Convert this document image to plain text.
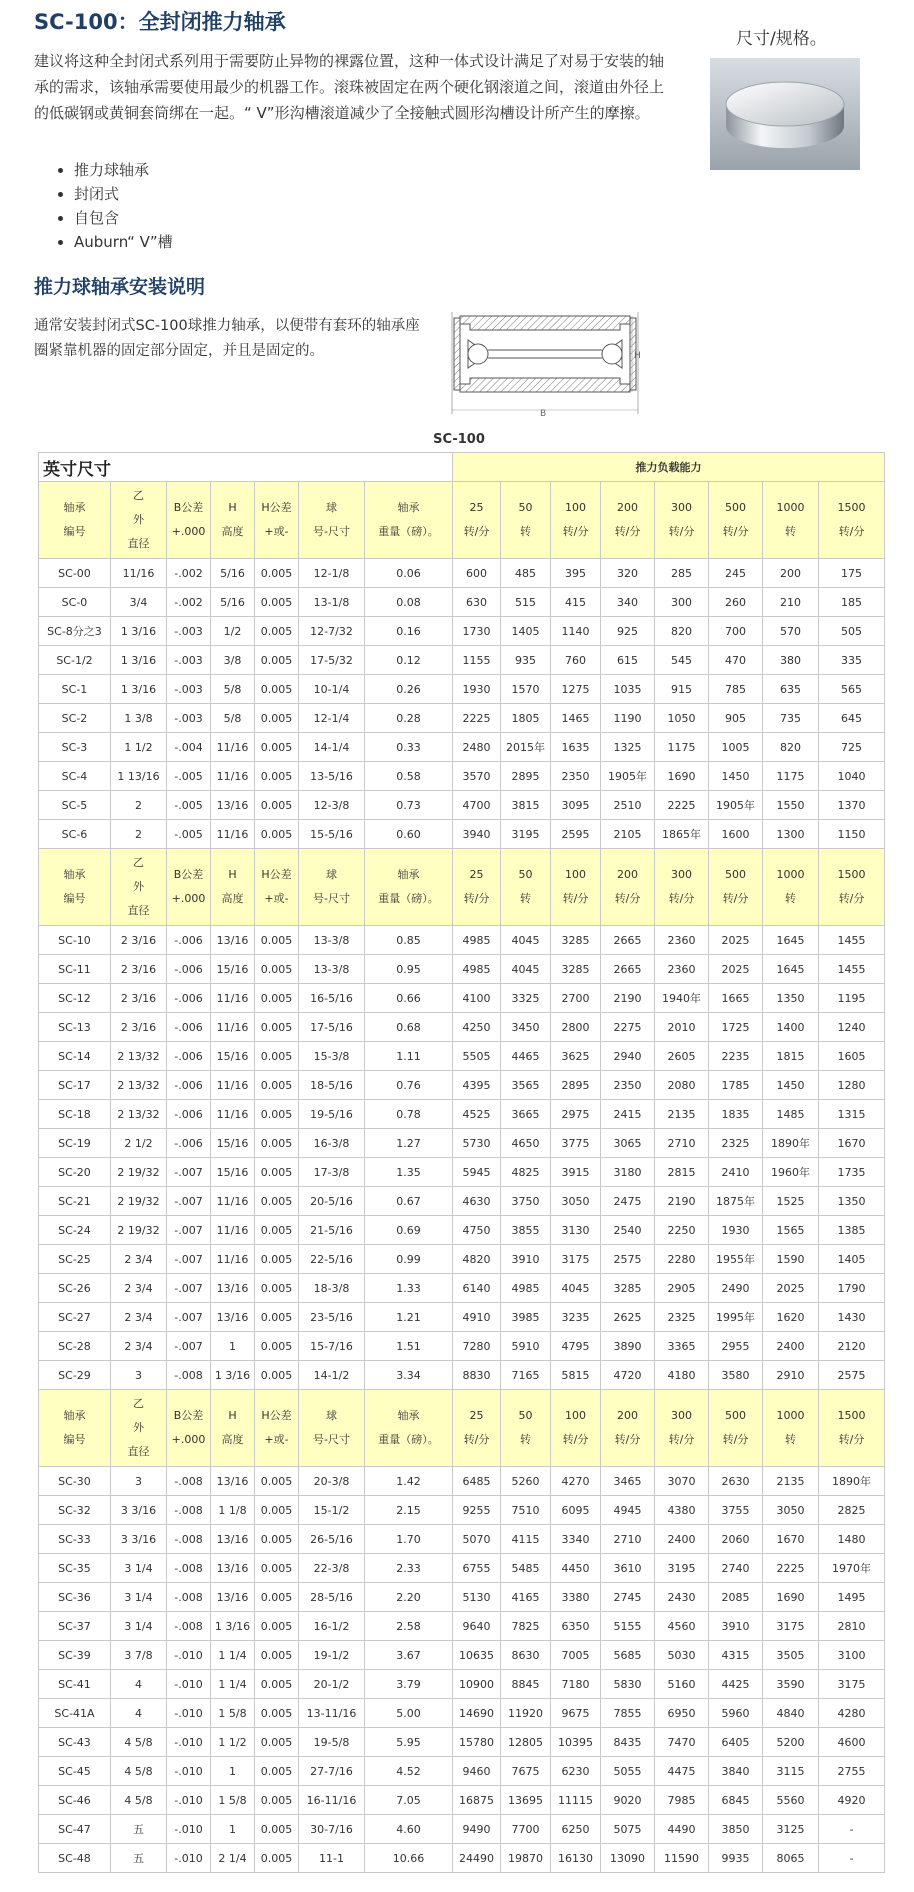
SC-100：全封闭推力轴承

建议将这种全封闭式系列用于需要防止异物的裸露位置，这种一体式设计满足了对易于安装的轴承的需求，该轴承需要使用最少的机器工作。滚珠被固定在两个硬化钢滚道之间，滚道由外径上的低碳钢或黄铜套筒绑在一起。“ V”形沟槽滚道减少了全接触式圆形沟槽设计所产生的摩擦。

尺寸/规格。
• 推力球轴承
• 封闭式
• 自包含
• Auburn“ V”槽
推力球轴承安装说明

通常安装封闭式SC-100球推力轴承，以便带有套环的轴承座圈紧靠机器的固定部分固定，并且是固定的。	H
B
SC-100
英寸尺寸							推力负载能力							

轴承
编号	乙
外
直径	B公差
+.000	H
高度	H公差
+或-	球
号-尺寸	轴承
重量（磅）。	25
转/分	50
转	100
转/分	200
转/分	300
转/分	500
转/分	1000
转	1500
转/分

SC-00	11/16	-.002	5/16	0.005	12-1/8	0.06	600	485	395	320	285	245	200	175
SC-0	3/4	-.002	5/16	0.005	13-1/8	0.08	630	515	415	340	300	260	210	185
SC-8分之3	1 3/16	-.003	1/2	0.005	12-7/32	0.16	1730	1405	1140	925	820	700	570	505
SC-1/2	1 3/16	-.003	3/8	0.005	17-5/32	0.12	1155	935	760	615	545	470	380	335
SC-1	1 3/16	-.003	5/8	0.005	10-1/4	0.26	1930	1570	1275	1035	915	785	635	565
SC-2	1 3/8	-.003	5/8	0.005	12-1/4	0.28	2225	1805	1465	1190	1050	905	735	645
SC-3	1 1/2	-.004	11/16	0.005	14-1/4	0.33	2480	2015年	1635	1325	1175	1005	820	725
SC-4	1 13/16	-.005	11/16	0.005	13-5/16	0.58	3570	2895	2350	1905年	1690	1450	1175	1040
SC-5	2	-.005	13/16	0.005	12-3/8	0.73	4700	3815	3095	2510	2225	1905年	1550	1370
SC-6	2	-.005	11/16	0.005	15-5/16	0.60	3940	3195	2595	2105	1865年	1600	1300	1150

轴承
编号	乙
外
直径	B公差
+.000	H
高度	H公差
+或-	球
号-尺寸	轴承
重量（磅）。	25
转/分	50
转	100
转/分	200
转/分	300
转/分	500
转/分	1000
转	1500
转/分

SC-10	2 3/16	-.006	13/16	0.005	13-3/8	0.85	4985	4045	3285	2665	2360	2025	1645	1455
SC-11	2 3/16	-.006	15/16	0.005	13-3/8	0.95	4985	4045	3285	2665	2360	2025	1645	1455
SC-12	2 3/16	-.006	11/16	0.005	16-5/16	0.66	4100	3325	2700	2190	1940年	1665	1350	1195
SC-13	2 3/16	-.006	11/16	0.005	17-5/16	0.68	4250	3450	2800	2275	2010	1725	1400	1240
SC-14	2 13/32	-.006	15/16	0.005	15-3/8	1.11	5505	4465	3625	2940	2605	2235	1815	1605
SC-17	2 13/32	-.006	11/16	0.005	18-5/16	0.76	4395	3565	2895	2350	2080	1785	1450	1280
SC-18	2 13/32	-.006	11/16	0.005	19-5/16	0.78	4525	3665	2975	2415	2135	1835	1485	1315
SC-19	2 1/2	-.006	15/16	0.005	16-3/8	1.27	5730	4650	3775	3065	2710	2325	1890年	1670
SC-20	2 19/32	-.007	15/16	0.005	17-3/8	1.35	5945	4825	3915	3180	2815	2410	1960年	1735
SC-21	2 19/32	-.007	11/16	0.005	20-5/16	0.67	4630	3750	3050	2475	2190	1875年	1525	1350
SC-24	2 19/32	-.007	11/16	0.005	21-5/16	0.69	4750	3855	3130	2540	2250	1930	1565	1385
SC-25	2 3/4	-.007	11/16	0.005	22-5/16	0.99	4820	3910	3175	2575	2280	1955年	1590	1405
SC-26	2 3/4	-.007	13/16	0.005	18-3/8	1.33	6140	4985	4045	3285	2905	2490	2025	1790
SC-27	2 3/4	-.007	13/16	0.005	23-5/16	1.21	4910	3985	3235	2625	2325	1995年	1620	1430
SC-28	2 3/4	-.007	1	0.005	15-7/16	1.51	7280	5910	4795	3890	3365	2955	2400	2120
SC-29	3	-.008	1 3/16	0.005	14-1/2	3.34	8830	7165	5815	4720	4180	3580	2910	2575

轴承
编号	乙
外
直径	B公差
+.000	H
高度	H公差
+或-	球
号-尺寸	轴承
重量（磅）。	25
转/分	50
转	100
转/分	200
转/分	300
转/分	500
转/分	1000
转	1500
转/分

SC-30	3	-.008	13/16	0.005	20-3/8	1.42	6485	5260	4270	3465	3070	2630	2135	1890年
SC-32	3 3/16	-.008	1 1/8	0.005	15-1/2	2.15	9255	7510	6095	4945	4380	3755	3050	2825
SC-33	3 3/16	-.008	13/16	0.005	26-5/16	1.70	5070	4115	3340	2710	2400	2060	1670	1480
SC-35	3 1/4	-.008	13/16	0.005	22-3/8	2.33	6755	5485	4450	3610	3195	2740	2225	1970年
SC-36	3 1/4	-.008	13/16	0.005	28-5/16	2.20	5130	4165	3380	2745	2430	2085	1690	1495
SC-37	3 1/4	-.008	1 3/16	0.005	16-1/2	2.58	9640	7825	6350	5155	4560	3910	3175	2810
SC-39	3 7/8	-.010	1 1/4	0.005	19-1/2	3.67	10635	8630	7005	5685	5030	4315	3505	3100
SC-41	4	-.010	1 1/4	0.005	20-1/2	3.79	10900	8845	7180	5830	5160	4425	3590	3175
SC-41A	4	-.010	1 5/8	0.005	13-11/16	5.00	14690	11920	9675	7855	6950	5960	4840	4280
SC-43	4 5/8	-.010	1 1/2	0.005	19-5/8	5.95	15780	12805	10395	8435	7470	6405	5200	4600
SC-45	4 5/8	-.010	1	0.005	27-7/16	4.52	9460	7675	6230	5055	4475	3840	3115	2755
SC-46	4 5/8	-.010	1 5/8	0.005	16-11/16	7.05	16875	13695	11115	9020	7985	6845	5560	4920
SC-47	五	-.010	1	0.005	30-7/16	4.60	9490	7700	6250	5075	4490	3850	3125	-
SC-48	五	-.010	2 1/4	0.005	11-1	10.66	24490	19870	16130	13090	11590	9935	8065	-
